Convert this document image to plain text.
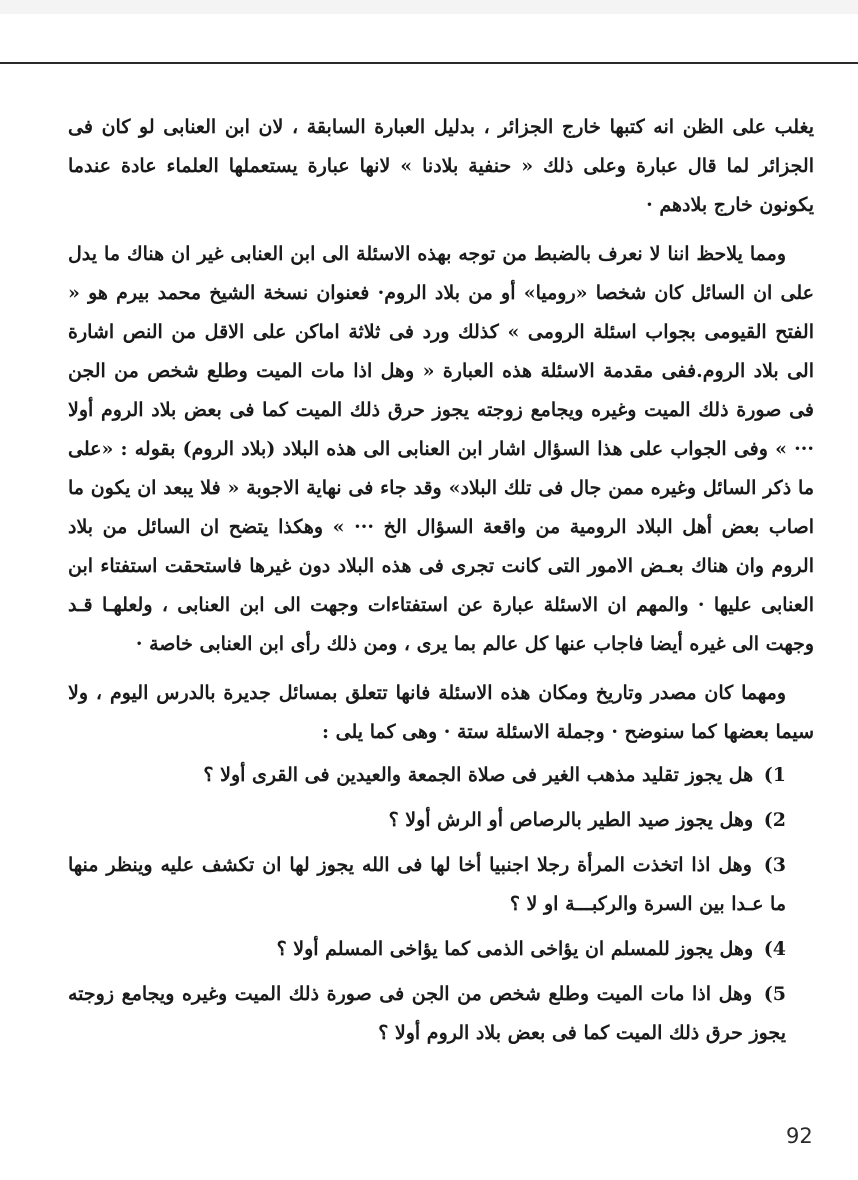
يغلب على الظن انه كتبها خارج الجزائر ، بدليل العبارة السابقة ، لان ابن العنابى لو كان فى الجزائر لما قال عبارة وعلى ذلك « حنفية بلادنا » لانها عبارة يستعملها العلماء عادة عندما يكونون خارج بلادهم ·

ومما يلاحظ اننا لا نعرف بالضبط من توجه بهذه الاسئلة الى ابن العنابى غير ان هناك ما يدل على ان السائل كان شخصا «روميا» أو من بلاد الروم· فعنوان نسخة الشيخ محمد بيرم هو « الفتح القيومى بجواب اسئلة الرومى » كذلك ورد فى ثلاثة اماكن على الاقل من النص اشارة الى بلاد الروم.ففى مقدمة الاسئلة هذه العبارة « وهل اذا مات الميت وطلع شخص من الجن فى صورة ذلك الميت وغيره ويجامع زوجته يجوز حرق ذلك الميت كما فى بعض بلاد الروم أولا ··· » وفى الجواب على هذا السؤال اشار ابن العنابى الى هذه البلاد (بلاد الروم) بقوله : «على ما ذكر السائل وغيره ممن جال فى تلك البلاد» وقد جاء فى نهاية الاجوبة « فلا يبعد ان يكون ما اصاب بعض أهل البلاد الرومية من واقعة السؤال الخ ··· » وهكذا يتضح ان السائل من بلاد الروم وان هناك بعـض الامور التى كانت تجرى فى هذه البلاد دون غيرها فاستحقت استفتاء ابن العنابى عليها · والمهم ان الاسئلة عبارة عن استفتاءات وجهت الى ابن العنابى ، ولعلهـا قـد وجهت الى غيره أيضا فاجاب عنها كل عالم بما يرى ، ومن ذلك رأى ابن العنابى خاصة ·

ومهما كان مصدر وتاريخ ومكان هذه الاسئلة فانها تتعلق بمسائل جديرة بالدرس اليوم ، ولا سيما بعضها كما سنوضح · وجملة الاسئلة ستة · وهى كما يلى :

1) هل يجوز تقليد مذهب الغير فى صلاة الجمعة والعيدين فى القرى أولا ؟

2) وهل يجوز صيد الطير بالرصاص أو الرش أولا ؟

3) وهل اذا اتخذت المرأة رجلا اجنبيا أخا لها فى الله يجوز لها ان تكشف عليه وينظر منها ما عـدا بين السرة والركبـــة او لا ؟

4) وهل يجوز للمسلم ان يؤاخى الذمى كما يؤاخى المسلم أولا ؟

5) وهل اذا مات الميت وطلع شخص من الجن فى صورة ذلك الميت وغيره ويجامع زوجته يجوز حرق ذلك الميت كما فى بعض بلاد الروم أولا ؟

92
